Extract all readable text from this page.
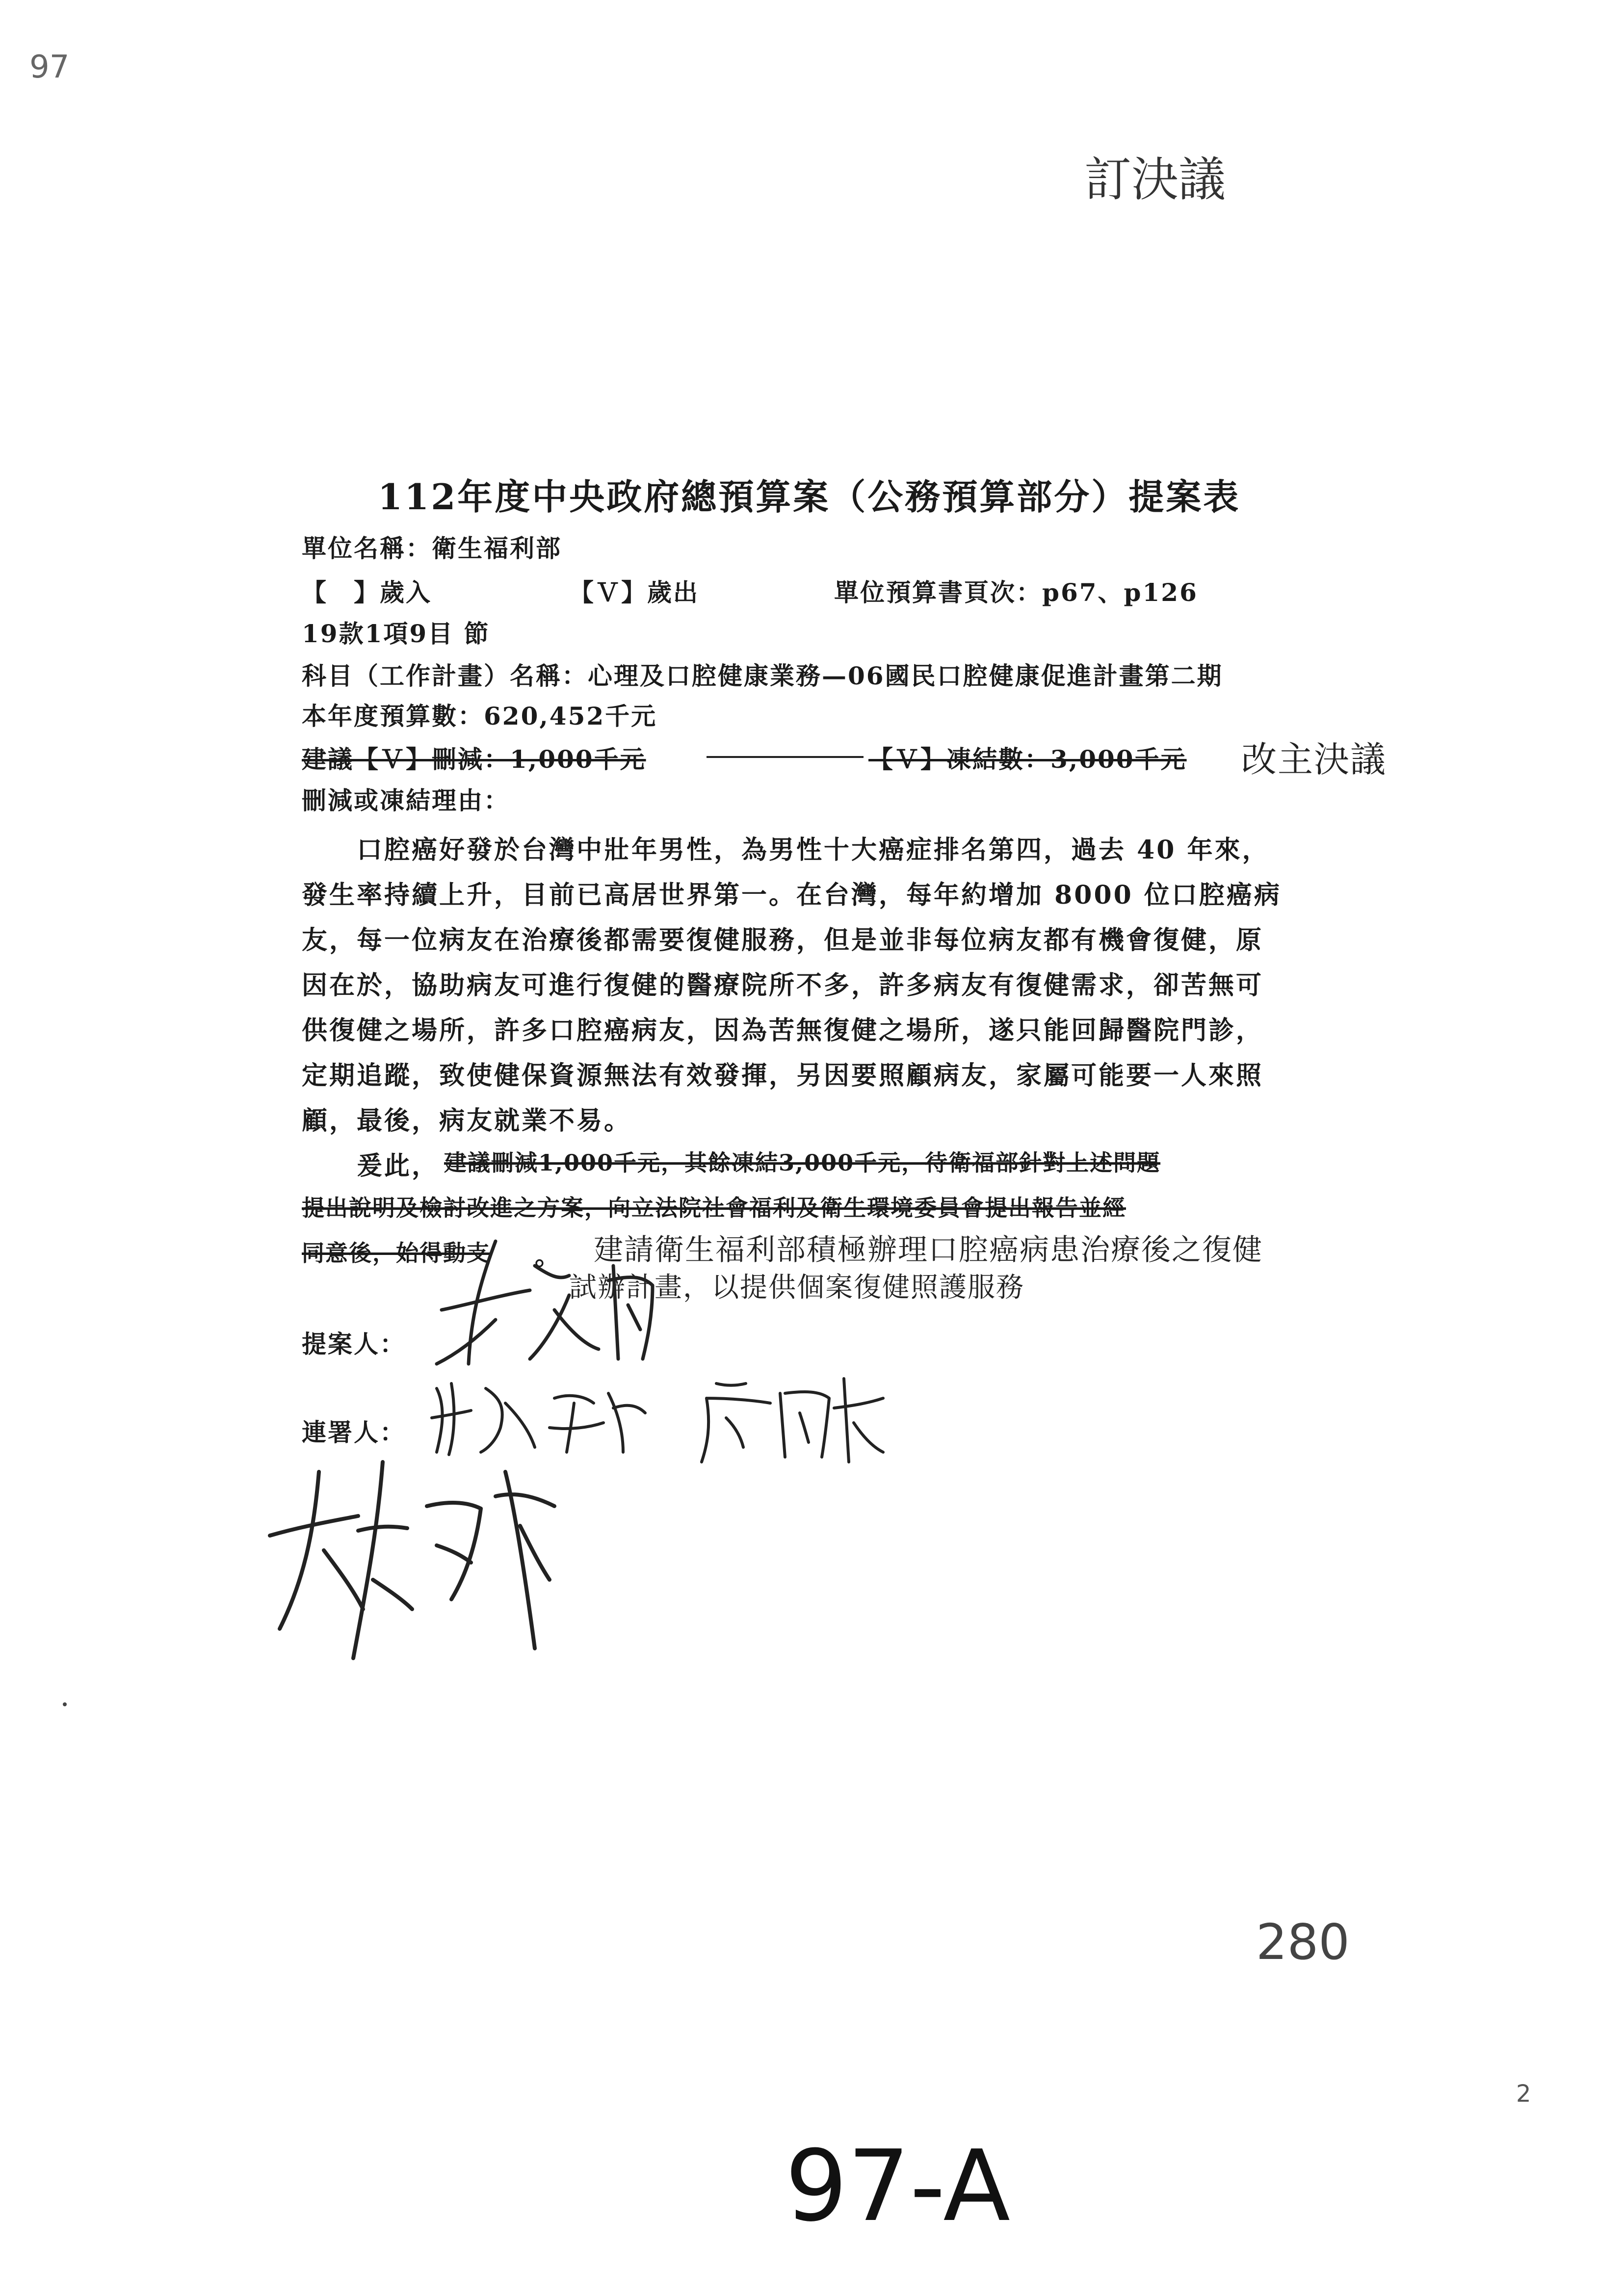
97
訂決議
112年度中央政府總預算案（公務預算部分）提案表
單位名稱：衛生福利部
【　】歲入	【Ｖ】歲出	單位預算書頁次：p67、p126
19款1項9目 節
科目（工作計畫）名稱：心理及口腔健康業務—06國民口腔健康促進計畫第二期
本年度預算數：620,452千元
建議【Ｖ】刪減：1,000千元	【Ｖ】凍結數：3,000千元 改主決議
刪減或凍結理由：
　　口腔癌好發於台灣中壯年男性，為男性十大癌症排名第四，過去 40 年來，
發生率持續上升，目前已高居世界第一。在台灣，每年約增加 8000 位口腔癌病
友，每一位病友在治療後都需要復健服務，但是並非每位病友都有機會復健，原
因在於，協助病友可進行復健的醫療院所不多，許多病友有復健需求，卻苦無可
供復健之場所，許多口腔癌病友，因為苦無復健之場所，遂只能回歸醫院門診，
定期追蹤，致使健保資源無法有效發揮，另因要照顧病友，家屬可能要一人來照
顧，最後，病友就業不易。
　　爰此， 建議刪減1,000千元，其餘凍結3,000千元，待衛福部針對上述問題
提出說明及檢討改進之方案，向立法院社會福利及衛生環境委員會提出報告並經
同意後，始得動支 。 建請衛生福利部積極辦理口腔癌病患治療後之復健
試辦計畫，以提供個案復健照護服務
提案人：
連署人：
280
2
97-A
